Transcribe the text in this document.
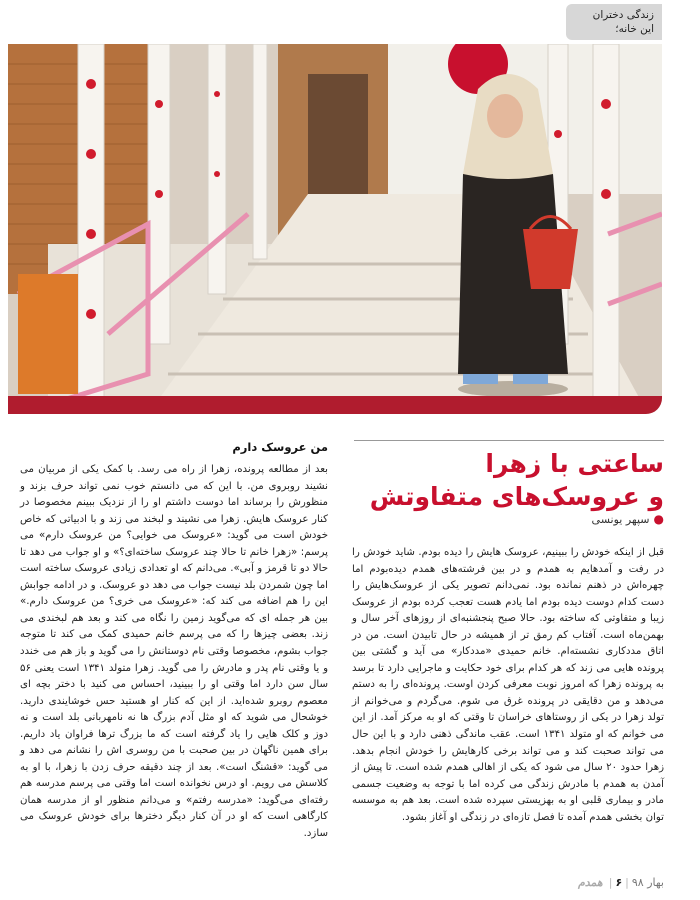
زندگی دختران
این خانه؛
ساعتی با زهرا
و عروسک‌های متفاوتش
●سپهر یونسی

قبل از اینکه خودش را ببینیم، عروسک هایش را دیده بودم. شاید خودش را در رفت و آمدهایم به همدم و در بین فرشته‌های همدم دیده‌بودم اما چهره‌اش در ذهنم نمانده بود. نمی‌دانم تصویر یکی از عروسک‌هایش را دست کدام دوست دیده بودم اما یادم هست تعجب کرده بودم از عروسک زیبا و متفاوتی که ساخته بود. حالا صبح پنجشنبه‌ای از روزهای آخر سال و بهمن‌ماه است. آفتاب کم رمق تر از همیشه در حال تابیدن است. من در اتاق مددکاری نشسته‌ام. خانم حمیدی «مددکار» می آید و گشتی بین پرونده هایی می زند که هر کدام برای خود حکایت و ماجرایی دارد تا برسد به پرونده زهرا که امروز نوبت معرفی کردن اوست. پرونده‌ای را به دستم می‌دهد و من دقایقی در پرونده غرق می شوم. می‌گردم و می‌خوانم از تولد زهرا در یکی از روستاهای خراسان تا وقتی که او به مرکز آمد. از این می خوانم که او متولد ۱۳۴۱ است. عقب ماندگی ذهنی دارد و با این حال می تواند صحبت کند و می تواند برخی کارهایش را خودش انجام بدهد. زهرا حدود ۲۰ سال می شود که یکی از اهالی همدم شده است. تا پیش از آمدن به همدم با مادرش زندگی می کرده اما با توجه به وضعیت جسمی مادر و بیماری قلبی او به بهزیستی سپرده شده است. بعد هم به موسسه توان بخشی همدم آمده تا فصل تازه‌ای در زندگی او آغاز بشود.

من عروسک دارم

بعد از مطالعه پرونده، زهرا از راه می رسد. با کمک یکی از مربیان می نشیند روبروی من. با این که می دانستم خوب نمی تواند حرف بزند و منظورش را برساند اما دوست داشتم او را از نزدیک ببینم مخصوصا در کنار عروسک هایش. زهرا می نشیند و لبخند می زند و با ادبیاتی که خاص خودش است می گوید: «عروسک می خوایی؟ من عروسک دارم» می پرسم: «زهرا خانم تا حالا چند عروسک ساخته‌ای؟» و او جواب می دهد تا حالا دو تا قرمز و آبی». می‌دانم که او تعدادی زیادی عروسک ساخته است اما چون شمردن بلد نیست جواب می دهد دو عروسک. و در ادامه جوابش این را هم اضافه می کند که: «عروسک می خری؟ من عروسک دارم.» بین هر جمله ای که می‌گوید زمین را نگاه می کند و بعد هم لبخندی می زند. بعضی چیزها را که می پرسم خانم حمیدی کمک می کند تا متوجه جواب بشوم، مخصوصا وقتی نام دوستانش را می گوید و باز هم می خندد و یا وقتی نام پدر و مادرش را می گوید. زهرا متولد ۱۳۴۱ است یعنی ۵۶ سال سن دارد اما وقتی او را ببینید، احساس می کنید با دختر بچه ای معصوم روبرو شده‌اید. از این که کنار او هستید حس خوشایندی دارید. خوشحال می شوید که او مثل آدم بزرگ ها نه نامهربانی بلد است و نه دوز و کلک هایی را یاد گرفته است که ما بزرگ ترها فراوان یاد داریم. برای همین ناگهان در بین صحبت با من روسری اش را نشانم می دهد و می گوید: «قشنگ است». بعد از چند دقیقه حرف زدن با زهرا، با او به کلاسش می رویم. او درس نخوانده است اما وقتی می پرسم مدرسه هم رفته‌ای می‌گوید: «مدرسه رفتم» و می‌دانم منظور او از مدرسه همان کارگاهی است که او در آن کنار دیگر دخترها برای خودش عروسک می سازد.

بهار ۹۸|۶|همدم
